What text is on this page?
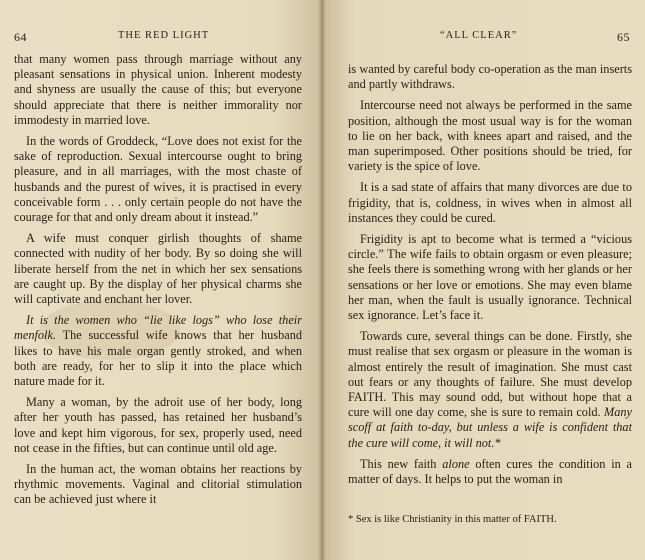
64	THE RED LIGHT

that many women pass through marriage without any pleasant sensations in physical union. Inherent modesty and shyness are usually the cause of this; but everyone should appreciate that there is neither immorality nor immodesty in married love.

In the words of Groddeck, “Love does not exist for the sake of reproduction. Sexual intercourse ought to bring pleasure, and in all marriages, with the most chaste of husbands and the purest of wives, it is practised in every conceivable form . . . only certain people do not have the courage for that and only dream about it instead.”

A wife must conquer girlish thoughts of shame connected with nudity of her body. By so doing she will liberate herself from the net in which her sex sensations are caught up. By the display of her physical charms she will captivate and enchant her lover.

It is the women who “lie like logs” who lose their menfolk. The successful wife knows that her husband likes to have his male organ gently stroked, and when both are ready, for her to slip it into the place which nature made for it.

Many a woman, by the adroit use of her body, long after her youth has passed, has retained her husband’s love and kept him vigorous, for sex, properly used, need not cease in the fifties, but can continue until old age.

In the human act, the woman obtains her reactions by rhythmic movements. Vaginal and clitorial stimulation can be achieved just where it

“ALL CLEAR”	65

is wanted by careful body co-operation as the man inserts and partly withdraws.

Intercourse need not always be performed in the same position, although the most usual way is for the woman to lie on her back, with knees apart and raised, and the man superimposed. Other positions should be tried, for variety is the spice of love.

It is a sad state of affairs that many divorces are due to frigidity, that is, coldness, in wives when in almost all instances they could be cured.

Frigidity is apt to become what is termed a “vicious circle.” The wife fails to obtain orgasm or even pleasure; she feels there is something wrong with her glands or her sensations or her love or emotions. She may even blame her man, when the fault is usually ignorance. Technical sex ignorance. Let’s face it.

Towards cure, several things can be done. Firstly, she must realise that sex orgasm or pleasure in the woman is almost entirely the result of imagination. She must cast out fears or any thoughts of failure. She must develop FAITH. This may sound odd, but without hope that a cure will one day come, she is sure to remain cold. Many scoff at faith to-day, but unless a wife is confident that the cure will come, it will not.*

This new faith alone often cures the condition in a matter of days. It helps to put the woman in

* Sex is like Christianity in this matter of FAITH.
